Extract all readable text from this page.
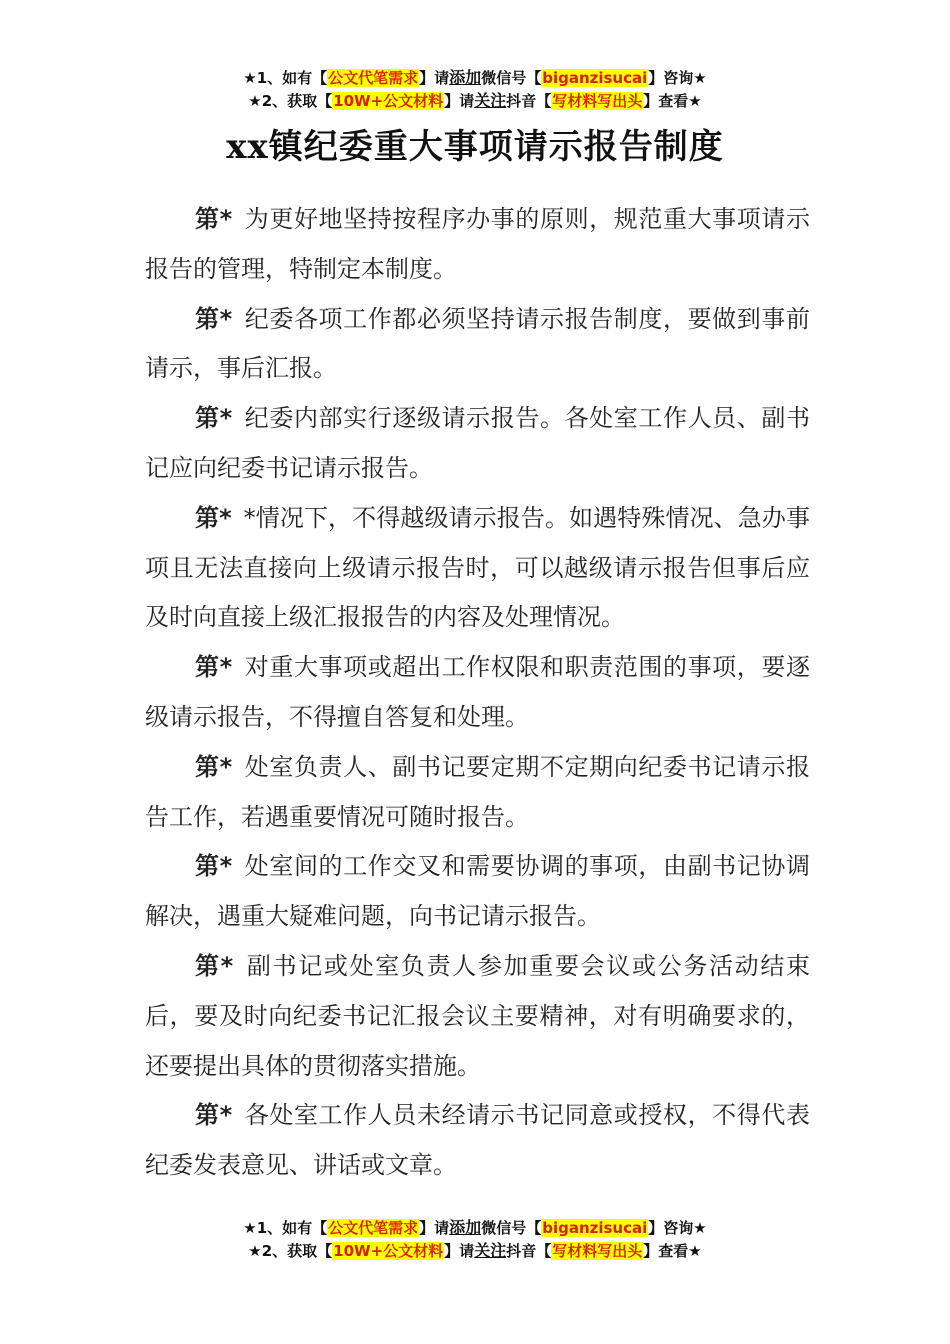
★1、如有【公文代笔需求】请添加微信号【biganzisucai】咨询★
★2、获取【10W+公文材料】请关注抖音【写材料写出头】查看★
xx镇纪委重大事项请示报告制度

第* 为更好地坚持按程序办事的原则，规范重大事项请示报告的管理，特制定本制度。

第* 纪委各项工作都必须坚持请示报告制度，要做到事前请示，事后汇报。

第* 纪委内部实行逐级请示报告。各处室工作人员、副书记应向纪委书记请示报告。

第* *情况下，不得越级请示报告。如遇特殊情况、急办事项且无法直接向上级请示报告时，可以越级请示报告但事后应及时向直接上级汇报报告的内容及处理情况。

第* 对重大事项或超出工作权限和职责范围的事项，要逐级请示报告，不得擅自答复和处理。

第* 处室负责人、副书记要定期不定期向纪委书记请示报告工作，若遇重要情况可随时报告。

第* 处室间的工作交叉和需要协调的事项，由副书记协调解决，遇重大疑难问题，向书记请示报告。

第* 副书记或处室负责人参加重要会议或公务活动结束后，要及时向纪委书记汇报会议主要精神，对有明确要求的，还要提出具体的贯彻落实措施。

第* 各处室工作人员未经请示书记同意或授权，不得代表纪委发表意见、讲话或文章。

★1、如有【公文代笔需求】请添加微信号【biganzisucai】咨询★
★2、获取【10W+公文材料】请关注抖音【写材料写出头】查看★
